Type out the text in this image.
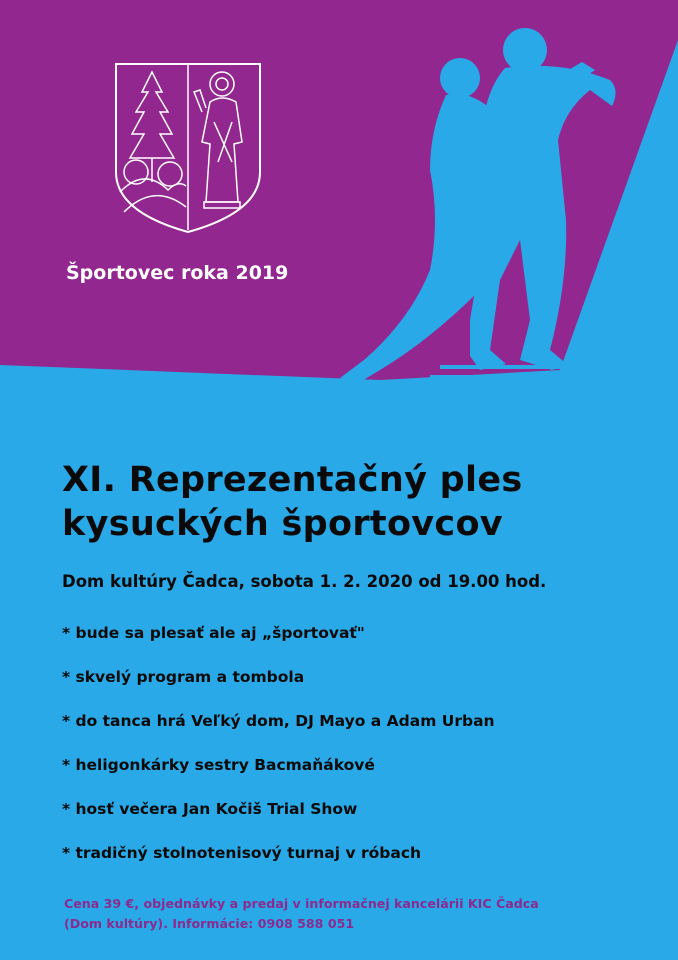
Športovec roka 2019
XI. Reprezentačný ples
kysuckých športovcov
Dom kultúry Čadca, sobota 1. 2. 2020 od 19.00 hod.
* bude sa plesať ale aj „športovať"
* skvelý program a tombola
* do tanca hrá Veľký dom, DJ Mayo a Adam Urban
* heligonkárky sestry Bacmaňákové
* hosť večera Jan Kočiš Trial Show
* tradičný stolnotenisový turnaj v róbach
Cena 39 €, objednávky a predaj v informačnej kancelárii KIC Čadca
(Dom kultúry). Informácie: 0908 588 051
